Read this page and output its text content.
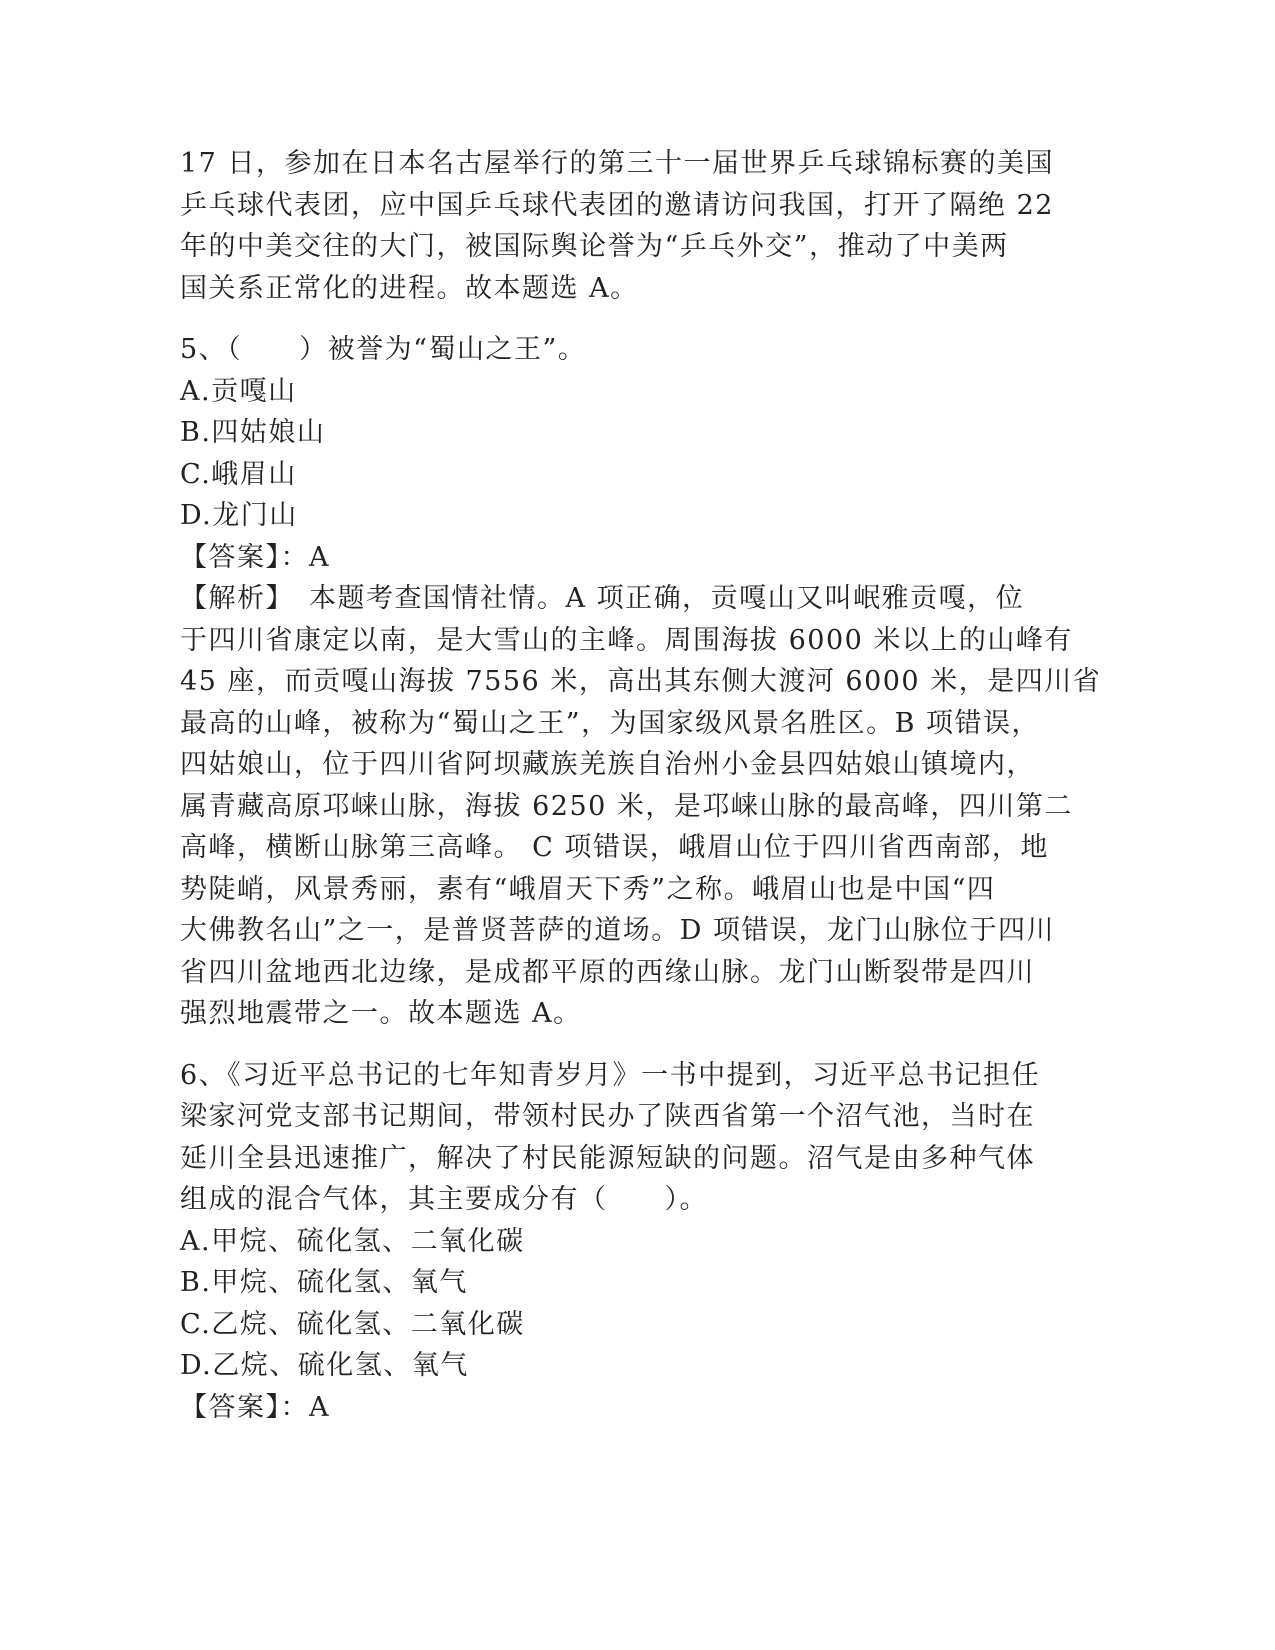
17 日，参加在日本名古屋举行的第三十一届世界乒乓球锦标赛的美国
乒乓球代表团，应中国乒乓球代表团的邀请访问我国，打开了隔绝 22
年的中美交往的大门，被国际舆论誉为“乒乓外交”，推动了中美两
国关系正常化的进程。故本题选 A。
5、（　　）被誉为“蜀山之王”。
A.贡嘎山
B.四姑娘山
C.峨眉山
D.龙门山
【答案】：A
【解析】　本题考查国情社情。A 项正确，贡嘎山又叫岷雅贡嘎，位
于四川省康定以南，是大雪山的主峰。周围海拔 6000 米以上的山峰有
45 座，而贡嘎山海拔 7556 米，高出其东侧大渡河 6000 米，是四川省
最高的山峰，被称为“蜀山之王”，为国家级风景名胜区。B 项错误，
四姑娘山，位于四川省阿坝藏族羌族自治州小金县四姑娘山镇境内，
属青藏高原邛崃山脉，海拔 6250 米，是邛崃山脉的最高峰，四川第二
高峰，横断山脉第三高峰。 C 项错误，峨眉山位于四川省西南部，地
势陡峭，风景秀丽，素有“峨眉天下秀”之称。峨眉山也是中国“四
大佛教名山”之一，是普贤菩萨的道场。D 项错误，龙门山脉位于四川
省四川盆地西北边缘，是成都平原的西缘山脉。龙门山断裂带是四川
强烈地震带之一。故本题选 A。
6、《习近平总书记的七年知青岁月》一书中提到，习近平总书记担任
梁家河党支部书记期间，带领村民办了陕西省第一个沼气池，当时在
延川全县迅速推广，解决了村民能源短缺的问题。沼气是由多种气体
组成的混合气体，其主要成分有（　　）。
A.甲烷、硫化氢、二氧化碳
B.甲烷、硫化氢、氧气
C.乙烷、硫化氢、二氧化碳
D.乙烷、硫化氢、氧气
【答案】：A
